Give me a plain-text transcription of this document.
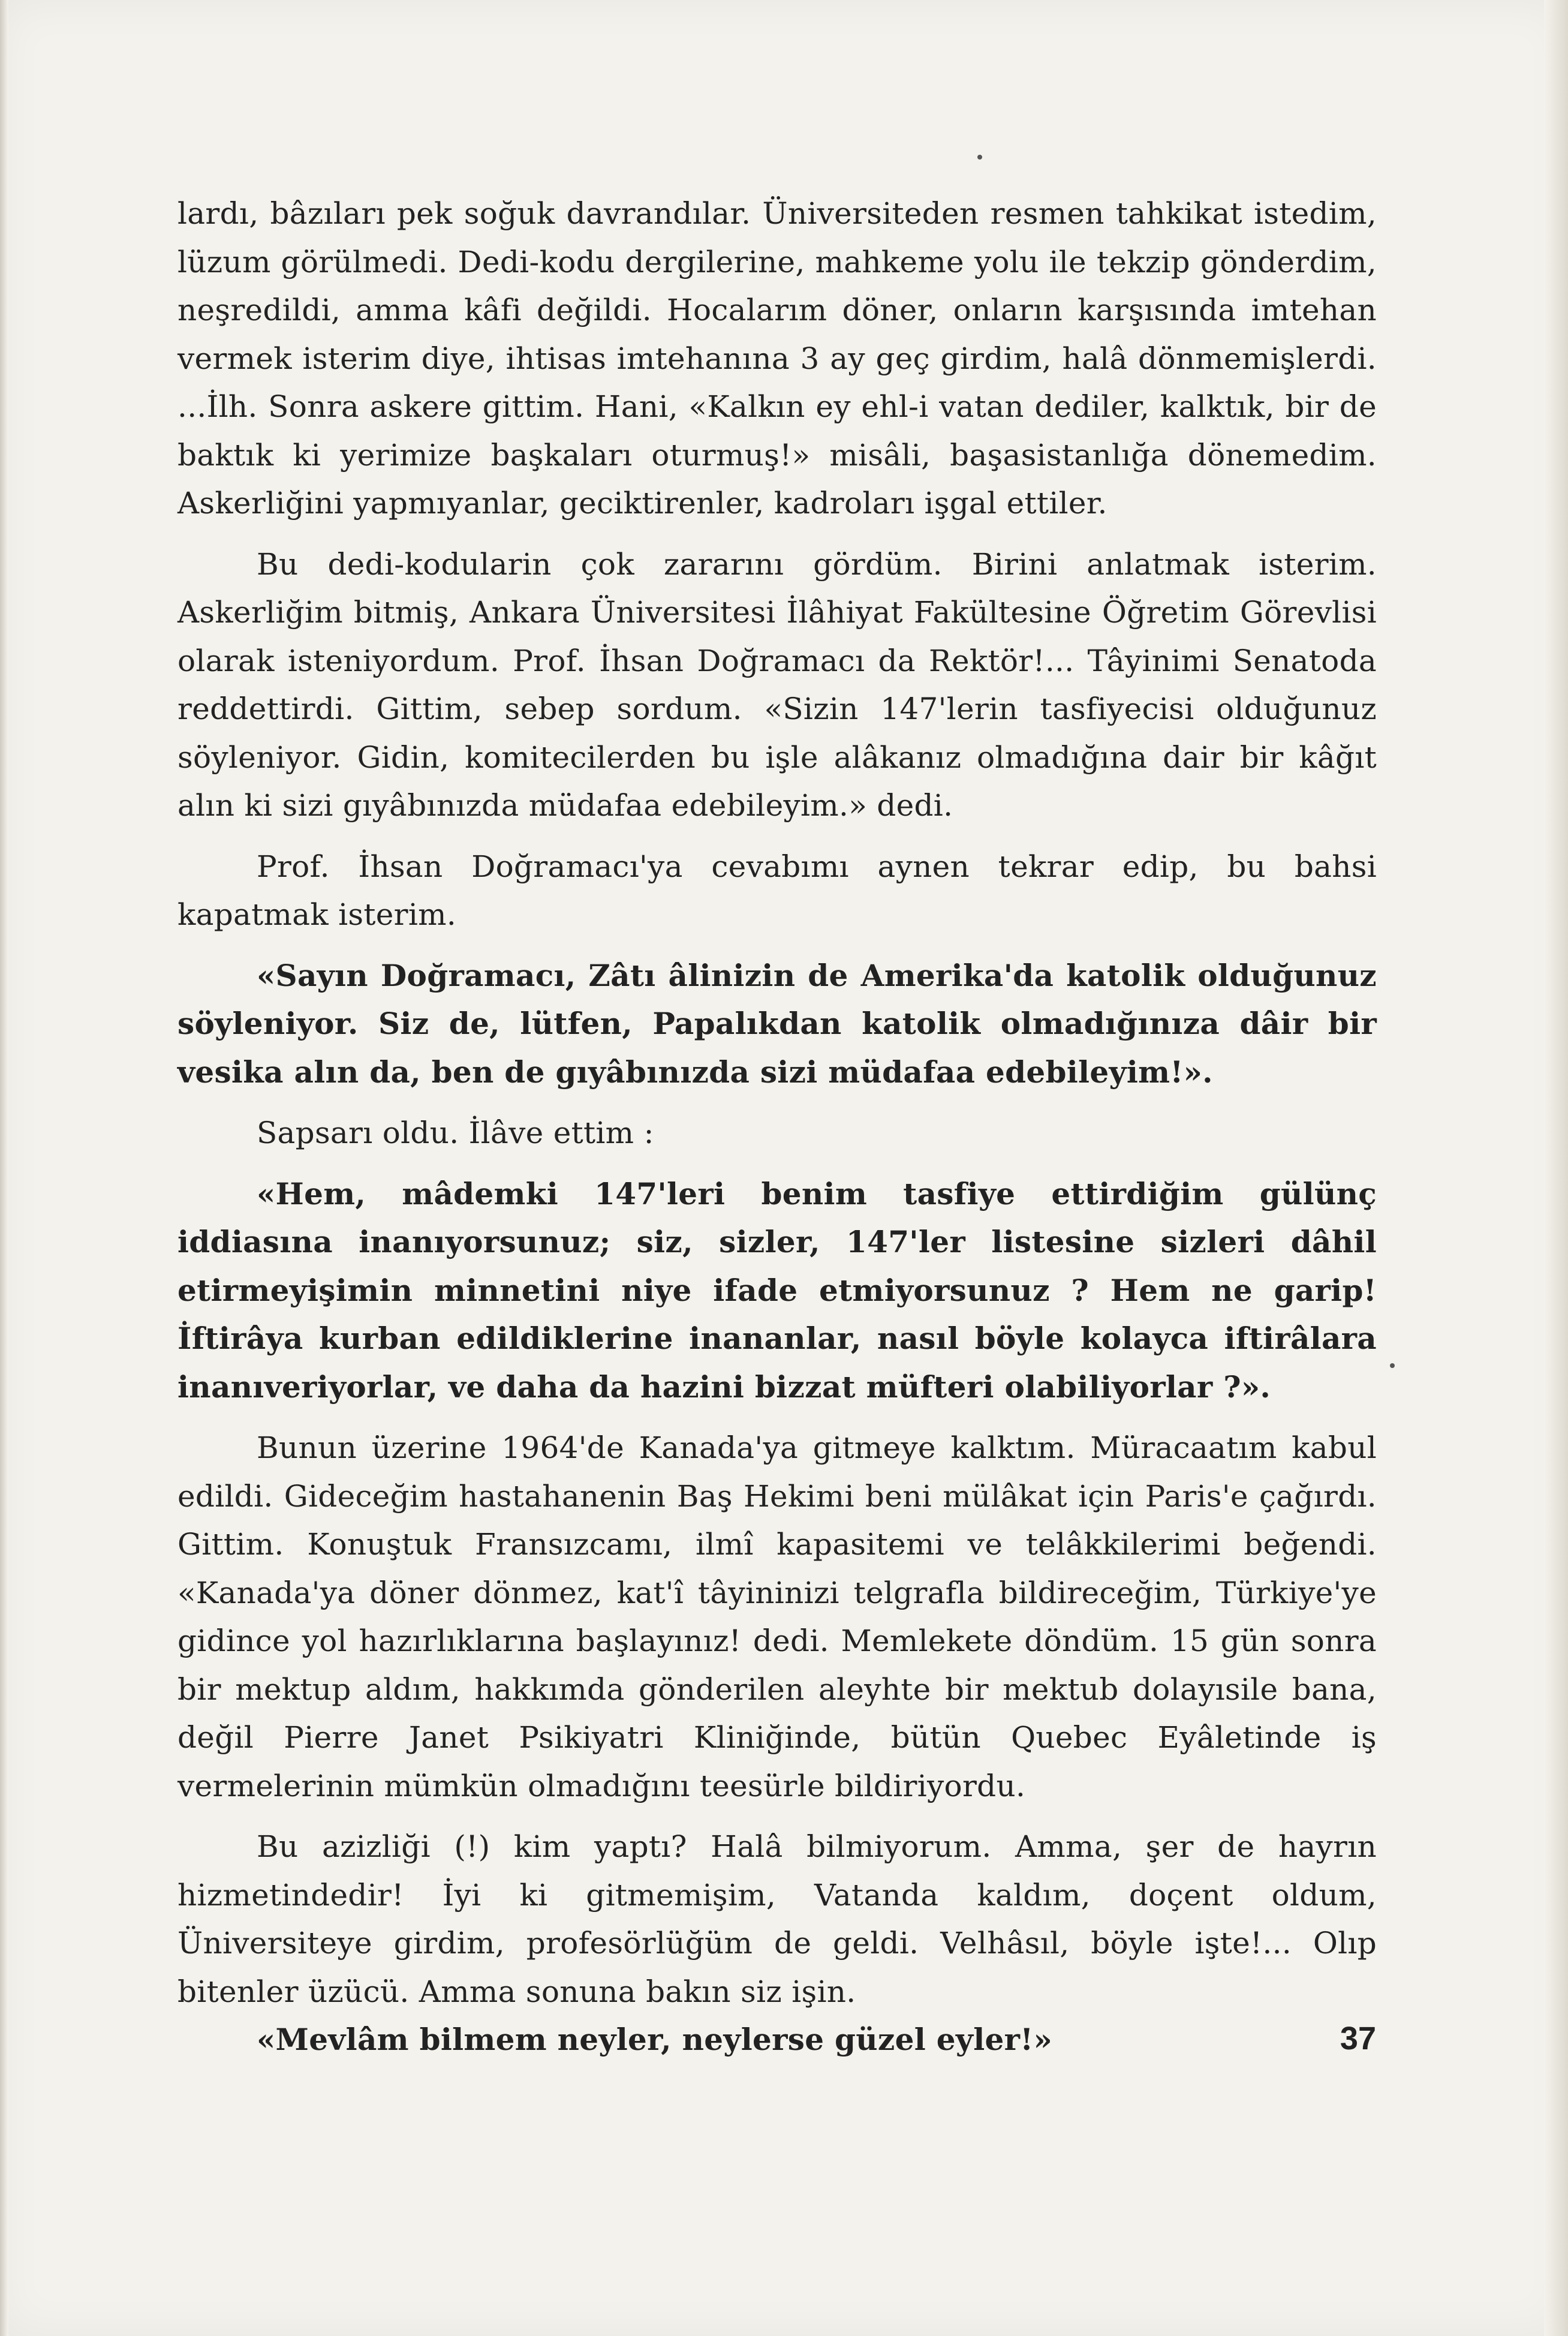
lardı, bâzıları pek soğuk davrandılar. Üniversiteden resmen tahkikat istedim, lüzum görülmedi. Dedi-kodu dergilerine, mahkeme yolu ile tekzip gönderdim, neşredildi, amma kâfi değildi. Hocalarım döner, onların karşısında imtehan vermek isterim diye, ihtisas imtehanına 3 ay geç girdim, halâ dönmemişlerdi. ...İlh. Sonra askere gittim. Hani, «Kalkın ey ehl-i vatan dediler, kalktık, bir de baktık ki yerimize başkaları oturmuş!» misâli, başasistanlığa dönemedim. Askerliğini yapmıyanlar, geciktirenler, kadroları işgal ettiler.

Bu dedi-kodularin çok zararını gördüm. Birini anlatmak isterim. Askerliğim bitmiş, Ankara Üniversitesi İlâhiyat Fakültesine Öğretim Görevlisi olarak isteniyordum. Prof. İhsan Doğramacı da Rektör!... Tâyinimi Senatoda reddettirdi. Gittim, sebep sordum. «Sizin 147'lerin tasfiyecisi olduğunuz söyleniyor. Gidin, komitecilerden bu işle alâkanız olmadığına dair bir kâğıt alın ki sizi gıyâbınızda müdafaa edebileyim.» dedi.

Prof. İhsan Doğramacı'ya cevabımı aynen tekrar edip, bu bahsi kapatmak isterim.

«Sayın Doğramacı, Zâtı âlinizin de Amerika'da katolik olduğunuz söyleniyor. Siz de, lütfen, Papalıkdan katolik olmadığınıza dâir bir vesika alın da, ben de gıyâbınızda sizi müdafaa edebileyim!».

Sapsarı oldu. İlâve ettim :

«Hem, mâdemki 147'leri benim tasfiye ettirdiğim gülünç iddiasına inanıyorsunuz; siz, sizler, 147'ler listesine sizleri dâhil etirmeyişimin minnetini niye ifade etmiyorsunuz ? Hem ne garip! İftirâya kurban edildiklerine inananlar, nasıl böyle kolayca iftirâlara inanıveriyorlar, ve daha da hazini bizzat müfteri olabiliyorlar ?».

Bunun üzerine 1964'de Kanada'ya gitmeye kalktım. Müracaatım kabul edildi. Gideceğim hastahanenin Baş Hekimi beni mülâkat için Paris'e çağırdı. Gittim. Konuştuk Fransızcamı, ilmî kapasitemi ve telâkkilerimi beğendi. «Kanada'ya döner dönmez, kat'î tâyininizi telgrafla bildireceğim, Türkiye'ye gidince yol hazırlıklarına başlayınız! dedi. Memlekete döndüm. 15 gün sonra bir mektup aldım, hakkımda gönderilen aleyhte bir mektub dolayısile bana, değil Pierre Janet Psikiyatri Kliniğinde, bütün Quebec Eyâletinde iş vermelerinin mümkün olmadığını teesürle bildiriyordu.

Bu azizliği (!) kim yaptı? Halâ bilmiyorum. Amma, şer de hayrın hizmetindedir! İyi ki gitmemişim, Vatanda kaldım, doçent oldum, Üniversiteye girdim, profesörlüğüm de geldi. Velhâsıl, böyle işte!... Olıp bitenler üzücü. Amma sonuna bakın siz işin.

«Mevlâm bilmem neyler, neylerse güzel eyler!»	37
